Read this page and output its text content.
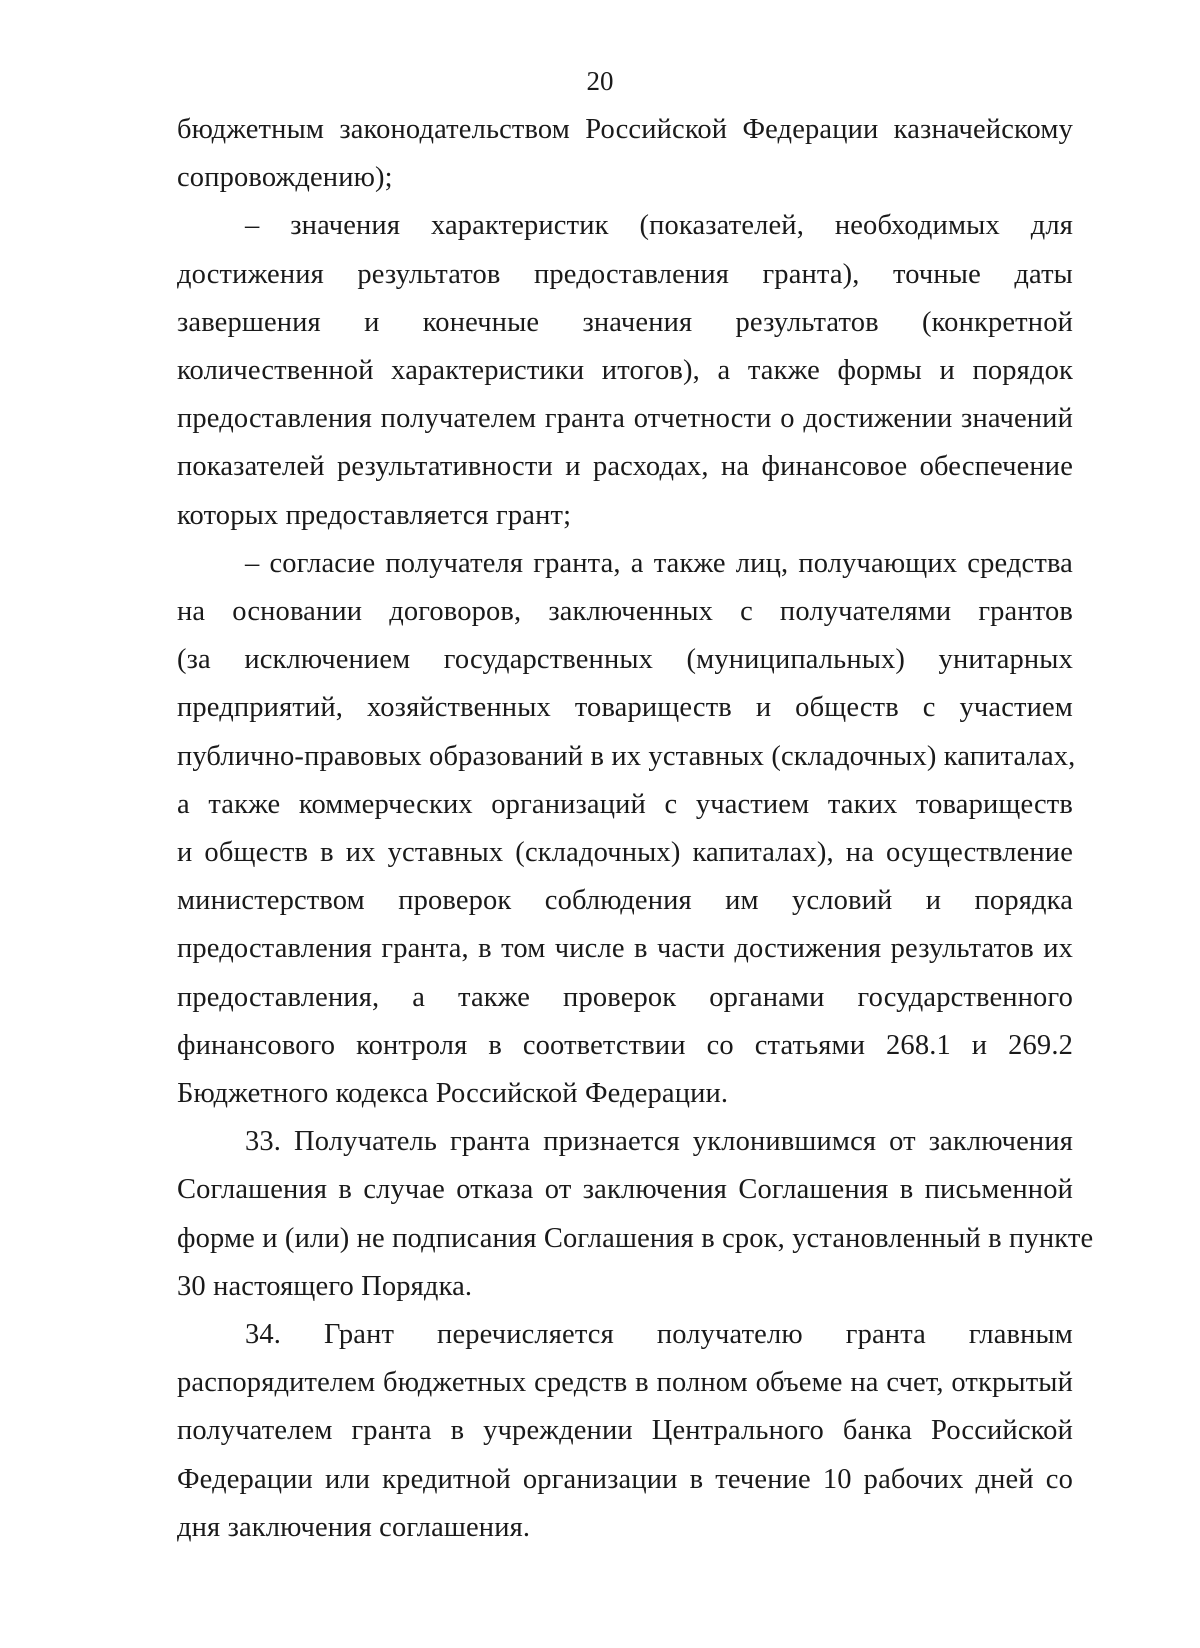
20
бюджетным законодательством Российской Федерации казначейскому
сопровождению);
– значения характеристик (показателей, необходимых для
достижения результатов предоставления гранта), точные даты
завершения и конечные значения результатов (конкретной
количественной характеристики итогов), а также формы и порядок
предоставления получателем гранта отчетности о достижении значений
показателей результативности и расходах, на финансовое обеспечение
которых предоставляется грант;
– согласие получателя гранта, а также лиц, получающих средства
на основании договоров, заключенных с получателями грантов
(за исключением государственных (муниципальных) унитарных
предприятий, хозяйственных товариществ и обществ с участием
публично-правовых образований в их уставных (складочных) капиталах,
а также коммерческих организаций с участием таких товариществ
и обществ в их уставных (складочных) капиталах), на осуществление
министерством проверок соблюдения им условий и порядка
предоставления гранта, в том числе в части достижения результатов их
предоставления, а также проверок органами государственного
финансового контроля в соответствии со статьями 268.1 и 269.2
Бюджетного кодекса Российской Федерации.
33. Получатель гранта признается уклонившимся от заключения
Соглашения в случае отказа от заключения Соглашения в письменной
форме и (или) не подписания Соглашения в срок, установленный в пункте
30 настоящего Порядка.
34. Грант перечисляется получателю гранта главным
распорядителем бюджетных средств в полном объеме на счет, открытый
получателем гранта в учреждении Центрального банка Российской
Федерации или кредитной организации в течение 10 рабочих дней со
дня заключения соглашения.
